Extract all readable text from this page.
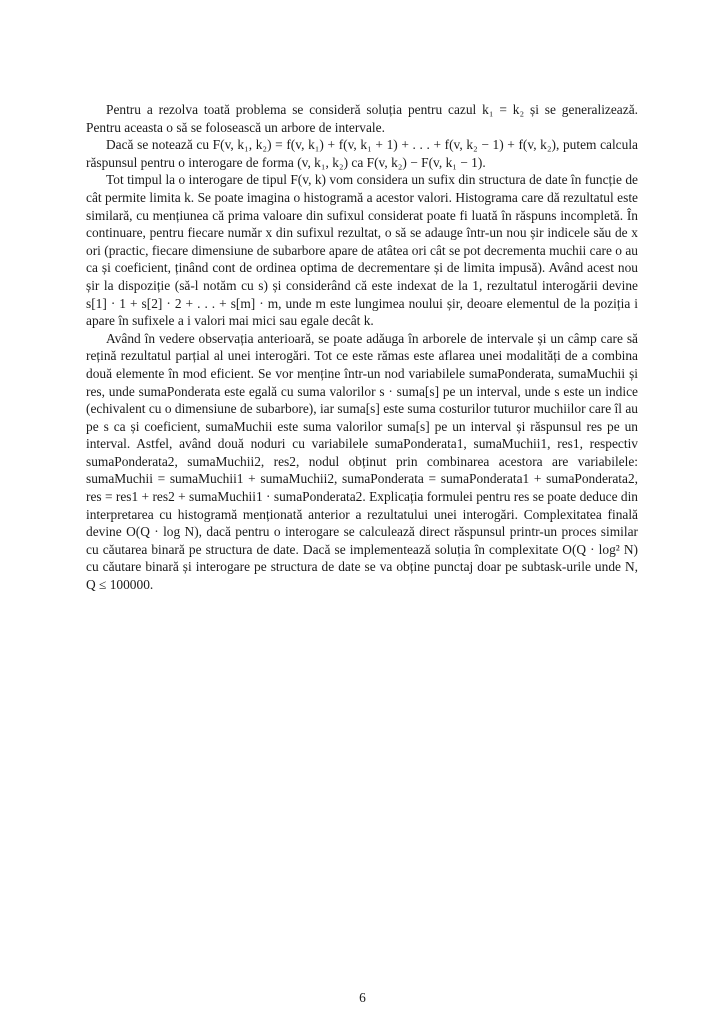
Pentru a rezolva toată problema se consideră soluția pentru cazul k₁ = k₂ și se generalizează. Pentru aceasta o să se folosească un arbore de intervale.

Dacă se notează cu F(v, k₁, k₂) = f(v, k₁) + f(v, k₁ + 1) + . . . + f(v, k₂ − 1) + f(v, k₂), putem calcula răspunsul pentru o interogare de forma (v, k₁, k₂) ca F(v, k₂) − F(v, k₁ − 1).

Tot timpul la o interogare de tipul F(v, k) vom considera un sufix din structura de date în funcție de cât permite limita k. Se poate imagina o histogramă a acestor valori. Histograma care dă rezultatul este similară, cu mențiunea că prima valoare din sufixul considerat poate fi luată în răspuns incompletă. În continuare, pentru fiecare număr x din sufixul rezultat, o să se adauge într-un nou șir indicele său de x ori (practic, fiecare dimensiune de subarbore apare de atâtea ori cât se pot decrementa muchii care o au ca și coeficient, ținând cont de ordinea optima de decrementare și de limita impusă). Având acest nou șir la dispoziție (să-l notăm cu s) și considerând că este indexat de la 1, rezultatul interogării devine s[1] · 1 + s[2] · 2 + . . . + s[m] · m, unde m este lungimea noului șir, deoare elementul de la poziția i apare în sufixele a i valori mai mici sau egale decât k.

Având în vedere observația anterioară, se poate adăuga în arborele de intervale și un câmp care să rețină rezultatul parțial al unei interogări. Tot ce este rămas este aflarea unei modalități de a combina două elemente în mod eficient. Se vor menține într-un nod variabilele sumaPonderata, sumaMuchii și res, unde sumaPonderata este egală cu suma valorilor s · suma[s] pe un interval, unde s este un indice (echivalent cu o dimensiune de subarbore), iar suma[s] este suma costurilor tuturor muchiilor care îl au pe s ca și coeficient, sumaMuchii este suma valorilor suma[s] pe un interval și răspunsul res pe un interval. Astfel, având două noduri cu variabilele sumaPonderata1, sumaMuchii1, res1, respectiv sumaPonderata2, sumaMuchii2, res2, nodul obținut prin combinarea acestora are variabilele: sumaMuchii = sumaMuchii1 + sumaMuchii2, sumaPonderata = sumaPonderata1 + sumaPonderata2, res = res1 + res2 + sumaMuchii1 · sumaPonderata2. Explicația formulei pentru res se poate deduce din interpretarea cu histogramă menționată anterior a rezultatului unei interogări. Complexitatea finală devine O(Q · log N), dacă pentru o interogare se calculează direct răspunsul printr-un proces similar cu căutarea binară pe structura de date. Dacă se implementează soluția în complexitate O(Q · log² N) cu căutare binară și interogare pe structura de date se va obține punctaj doar pe subtask-urile unde N, Q ≤ 100000.

6
